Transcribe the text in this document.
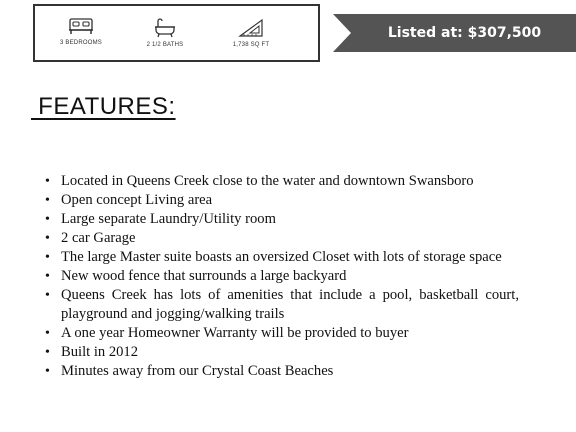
3 BEDROOMS	2 1/2 BATHS	1,738 SQ FT
Listed at: $307,500
FEATURES:
• Located in Queens Creek close to the water and downtown Swansboro
• Open concept Living area
• Large separate Laundry/Utility room
• 2 car Garage
• The large Master suite boasts an oversized Closet with lots of storage space
• New wood fence that surrounds a large backyard
• Queens Creek has lots of amenities that include a pool, basketball court, playground and jogging/walking trails
• A one year Homeowner Warranty will be provided to buyer
• Built in 2012
• Minutes away from our Crystal Coast Beaches
